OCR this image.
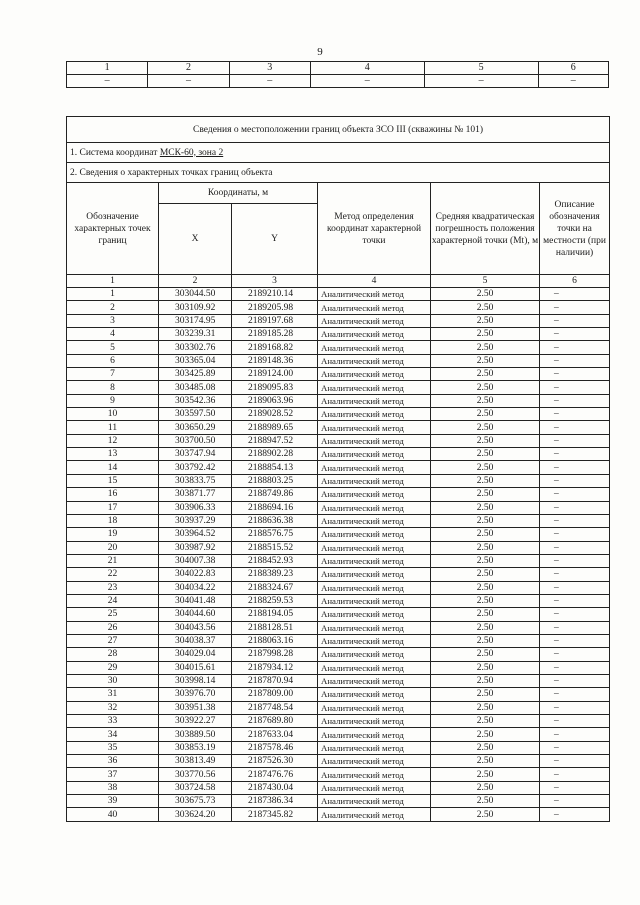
9
1	2	3	4	5	6
–	–	–	–	–	–
Сведения о местоположении границ объекта ЗСО III (скважины № 101)					
1. Система координат МСК-60, зона 2					
2. Сведения о характерных точках границ объекта					
Обозначение характерных точек границ	Координаты, м		Метод определения координат характерной точки	Средняя квадратическая погрешность положения характерной точки (Mt), м	Описание обозначения точки на местности (при наличии)
	X	Y			
1	2	3	4	5	6
1	303044.50	2189210.14	Аналитический метод	2.50	–
2	303109.92	2189205.98	Аналитический метод	2.50	–
3	303174.95	2189197.68	Аналитический метод	2.50	–
4	303239.31	2189185.28	Аналитический метод	2.50	–
5	303302.76	2189168.82	Аналитический метод	2.50	–
6	303365.04	2189148.36	Аналитический метод	2.50	–
7	303425.89	2189124.00	Аналитический метод	2.50	–
8	303485.08	2189095.83	Аналитический метод	2.50	–
9	303542.36	2189063.96	Аналитический метод	2.50	–
10	303597.50	2189028.52	Аналитический метод	2.50	–
11	303650.29	2188989.65	Аналитический метод	2.50	–
12	303700.50	2188947.52	Аналитический метод	2.50	–
13	303747.94	2188902.28	Аналитический метод	2.50	–
14	303792.42	2188854.13	Аналитический метод	2.50	–
15	303833.75	2188803.25	Аналитический метод	2.50	–
16	303871.77	2188749.86	Аналитический метод	2.50	–
17	303906.33	2188694.16	Аналитический метод	2.50	–
18	303937.29	2188636.38	Аналитический метод	2.50	–
19	303964.52	2188576.75	Аналитический метод	2.50	–
20	303987.92	2188515.52	Аналитический метод	2.50	–
21	304007.38	2188452.93	Аналитический метод	2.50	–
22	304022.83	2188389.23	Аналитический метод	2.50	–
23	304034.22	2188324.67	Аналитический метод	2.50	–
24	304041.48	2188259.53	Аналитический метод	2.50	–
25	304044.60	2188194.05	Аналитический метод	2.50	–
26	304043.56	2188128.51	Аналитический метод	2.50	–
27	304038.37	2188063.16	Аналитический метод	2.50	–
28	304029.04	2187998.28	Аналитический метод	2.50	–
29	304015.61	2187934.12	Аналитический метод	2.50	–
30	303998.14	2187870.94	Аналитический метод	2.50	–
31	303976.70	2187809.00	Аналитический метод	2.50	–
32	303951.38	2187748.54	Аналитический метод	2.50	–
33	303922.27	2187689.80	Аналитический метод	2.50	–
34	303889.50	2187633.04	Аналитический метод	2.50	–
35	303853.19	2187578.46	Аналитический метод	2.50	–
36	303813.49	2187526.30	Аналитический метод	2.50	–
37	303770.56	2187476.76	Аналитический метод	2.50	–
38	303724.58	2187430.04	Аналитический метод	2.50	–
39	303675.73	2187386.34	Аналитический метод	2.50	–
40	303624.20	2187345.82	Аналитический метод	2.50	–
